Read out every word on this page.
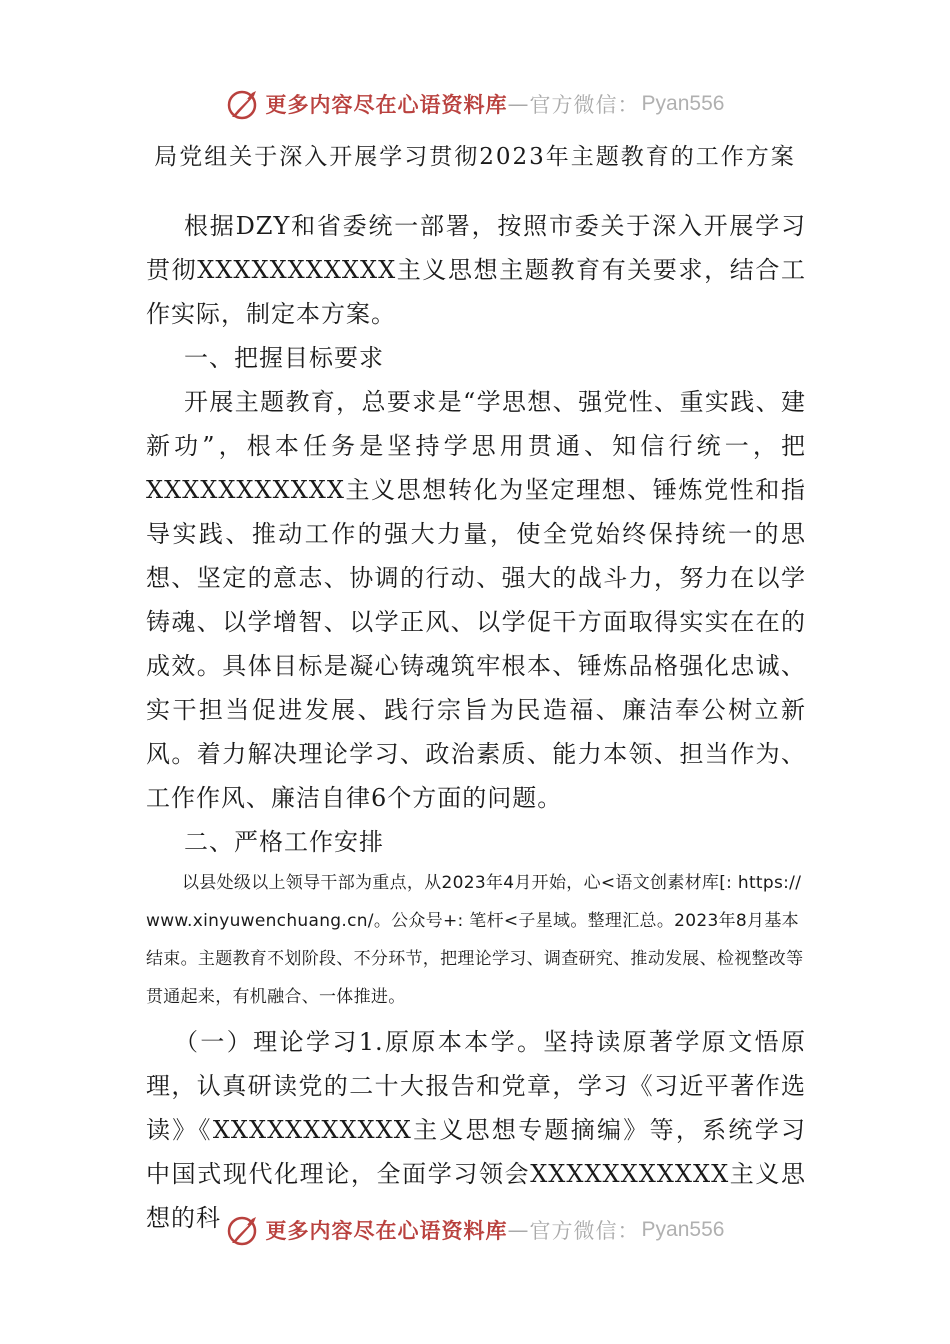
更多内容尽在心语资料库 — 官方微信： Pyan556
局党组关于深入开展学习贯彻2023年主题教育的工作方案

根据DZY和省委统一部署，按照市委关于深入开展学习贯彻XXXXXXXXXXX主义思想主题教育有关要求，结合工作实际，制定本方案。

一、把握目标要求

开展主题教育，总要求是“学思想、强党性、重实践、建新功”，根本任务是坚持学思用贯通、知信行统一，把XXXXXXXXXXX主义思想转化为坚定理想、锤炼党性和指导实践、推动工作的强大力量，使全党始终保持统一的思想、坚定的意志、协调的行动、强大的战斗力，努力在以学铸魂、以学增智、以学正风、以学促干方面取得实实在在的成效。具体目标是凝心铸魂筑牢根本、锤炼品格强化忠诚、实干担当促进发展、践行宗旨为民造福、廉洁奉公树立新风。着力解决理论学习、政治素质、能力本领、担当作为、工作作风、廉洁自律6个方面的问题。

二、严格工作安排

以县处级以上领导干部为重点，从2023年4月开始，心<语文创素材库[: https://www.xinyuwenchuang.cn/。公众号+: 笔杆<子星域。整理汇总。2023年8月基本结束。主题教育不划阶段、不分环节，把理论学习、调查研究、推动发展、检视整改等贯通起来，有机融合、一体推进。

（一）理论学习1.原原本本学。坚持读原著学原文悟原理，认真研读党的二十大报告和党章，学习《习近平著作选读》《XXXXXXXXXXX主义思想专题摘编》等，系统学习中国式现代化理论，全面学习领会XXXXXXXXXXX主义思想的科	更多内容尽在心语资料库 — 官方微信： Pyan556
